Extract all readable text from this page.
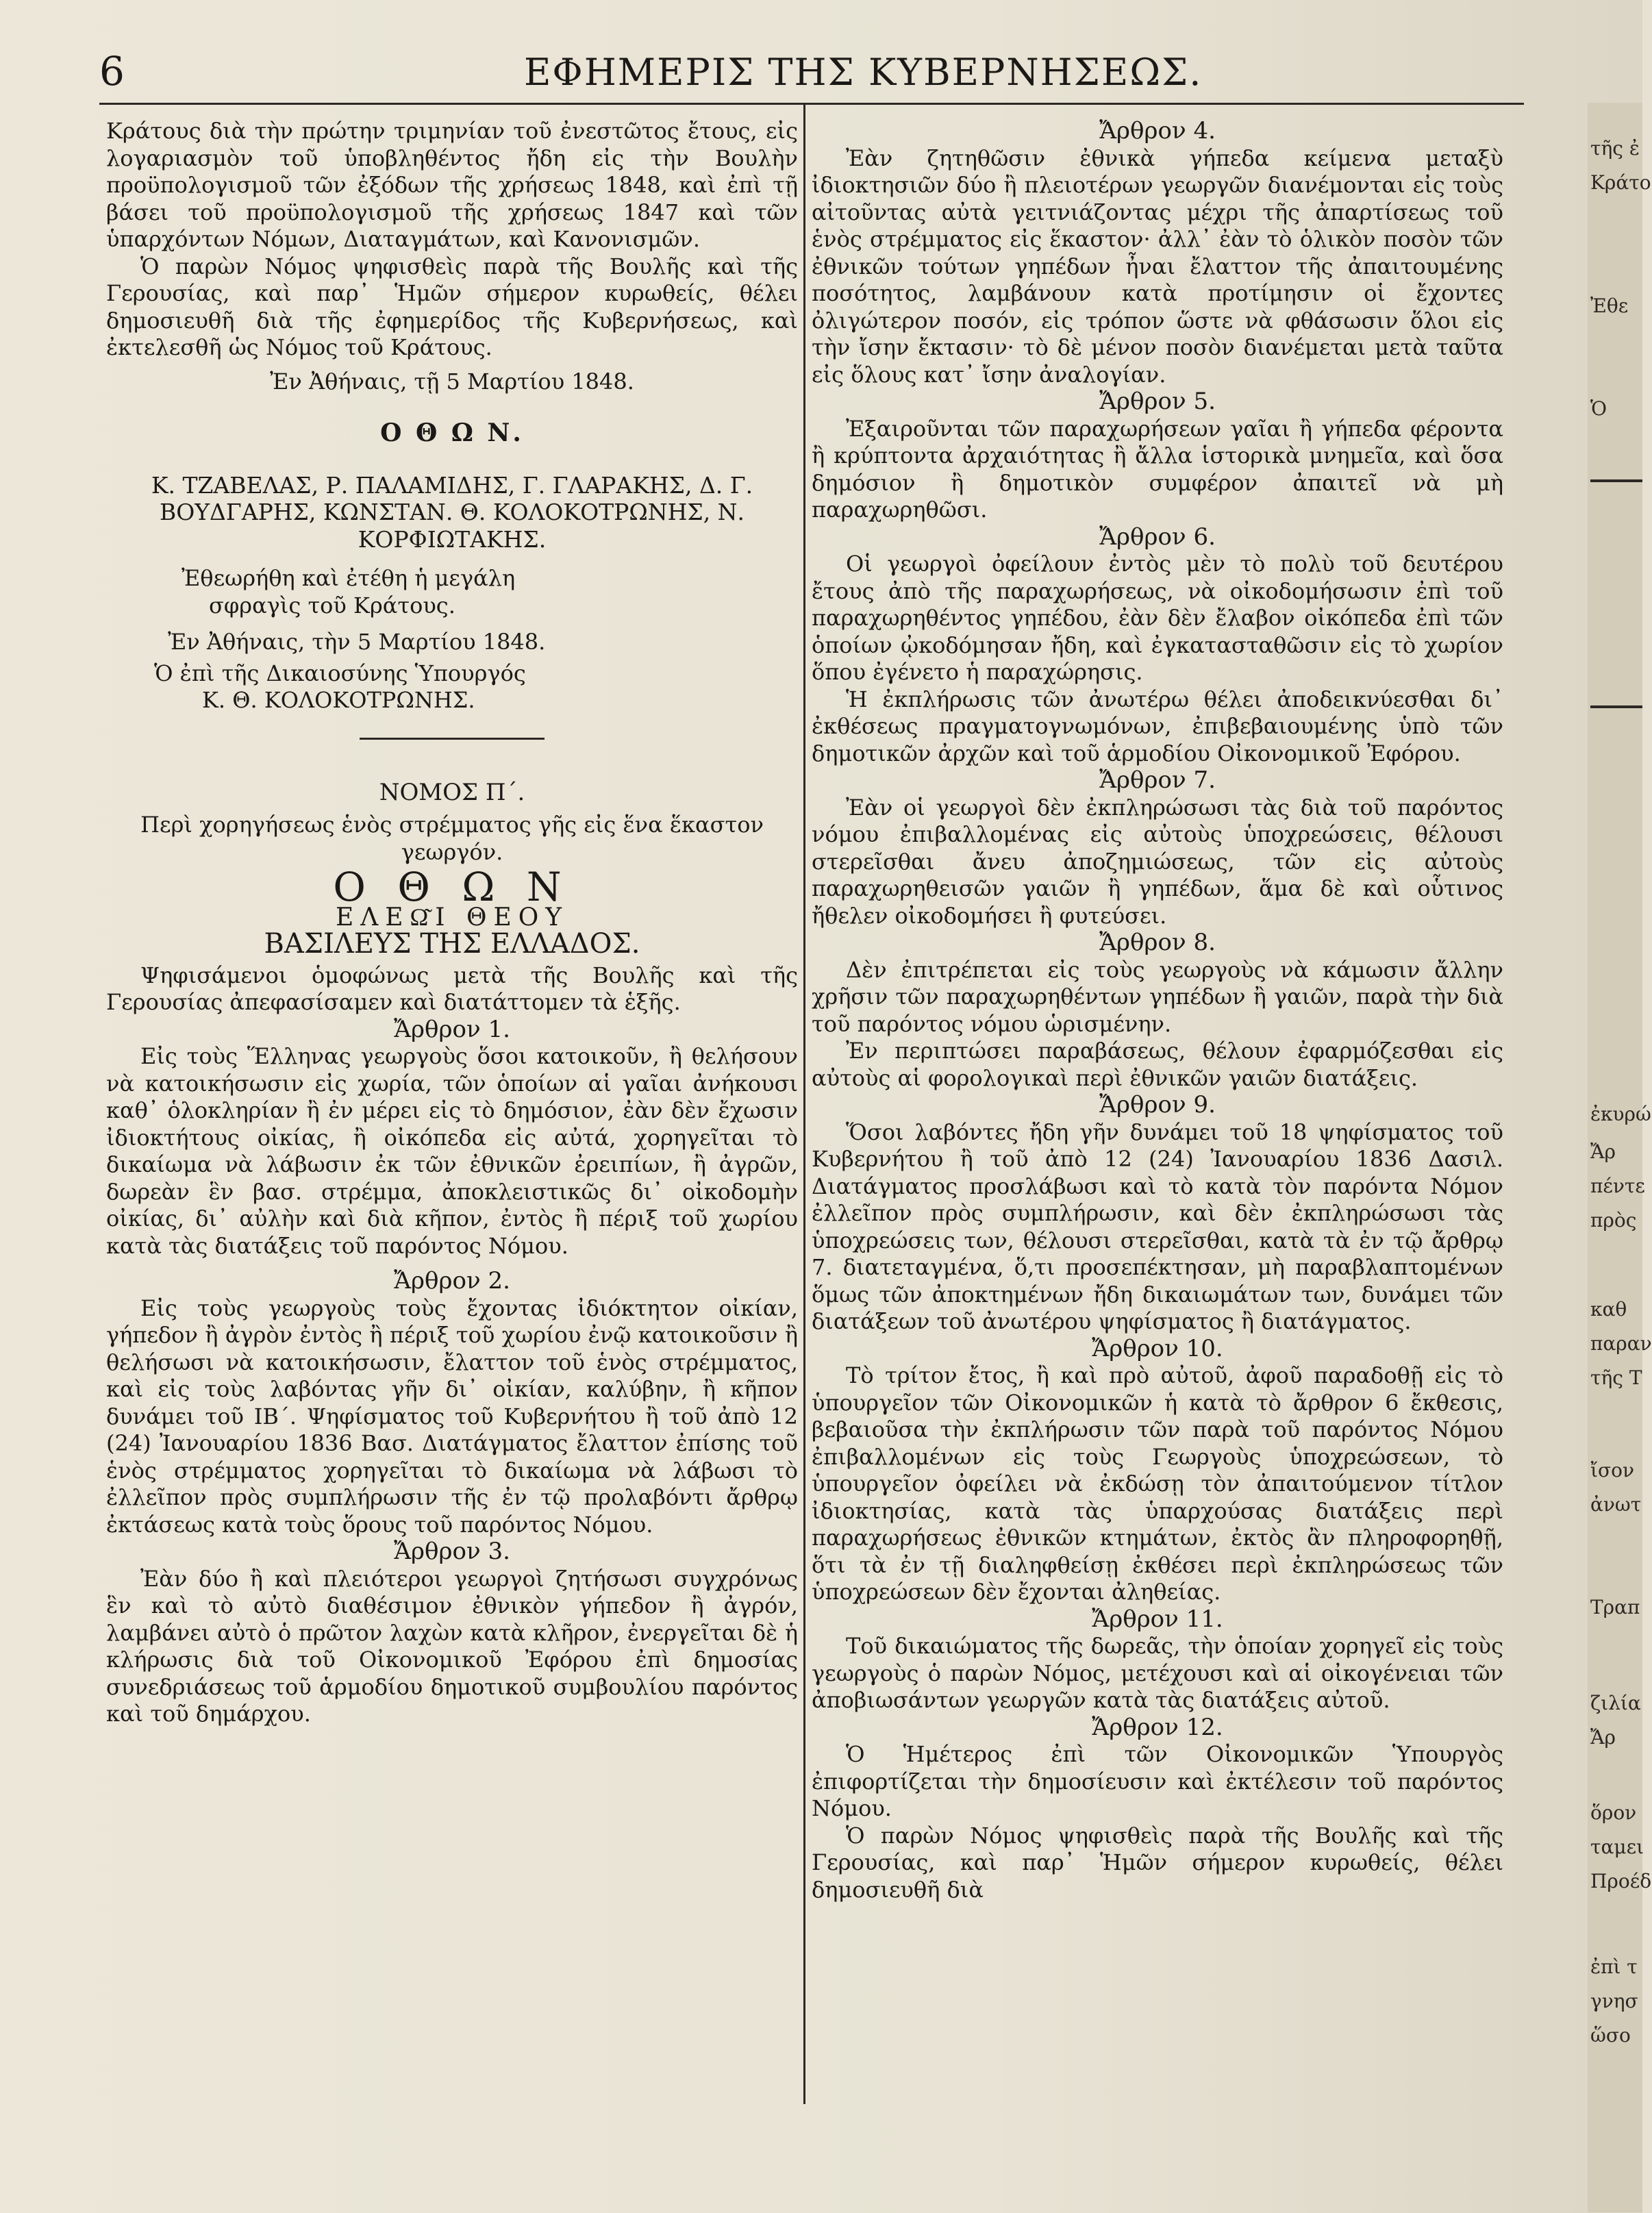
6	ΕΦΗΜΕΡΙΣ ΤΗΣ ΚΥΒΕΡΝΗΣΕΩΣ.

Κράτους διὰ τὴν πρώτην τριμηνίαν τοῦ ἐνεστῶτος ἔτους, εἰς λογαριασμὸν τοῦ ὑποβληθέντος ἤδη εἰς τὴν Βουλὴν προϋπολογισμοῦ τῶν ἐξόδων τῆς χρήσεως 1848, καὶ ἐπὶ τῇ βάσει τοῦ προϋπολογισμοῦ τῆς χρήσεως 1847 καὶ τῶν ὑπαρχόντων Νόμων, Διαταγμάτων, καὶ Κανονισμῶν.

Ὁ παρὼν Νόμος ψηφισθεὶς παρὰ τῆς Βουλῆς καὶ τῆς Γερουσίας, καὶ παρ᾽ Ἡμῶν σήμερον κυρωθείς, θέλει δημοσιευθῆ διὰ τῆς ἐφημερίδος τῆς Κυβερνήσεως, καὶ ἐκτελεσθῆ ὡς Νόμος τοῦ Κράτους.

Ἐν Ἀθήναις, τῇ 5 Μαρτίου 1848.

Ο Θ Ω Ν.

Κ. ΤΖΑΒΕΛΑΣ, Ρ. ΠΑΛΑΜΙΔΗΣ, Γ. ΓΛΑΡΑΚΗΣ, Δ. Γ. ΒΟΥΔΓΑΡΗΣ, ΚΩΝΣΤΑΝ. Θ. ΚΟΛΟΚΟΤΡΩΝΗΣ, Ν. ΚΟΡΦΙΩΤΑΚΗΣ.

Ἐθεωρήθη καὶ ἐτέθη ἡ μεγάλη

σφραγὶς τοῦ Κράτους.

Ἐν Ἀθήναις, τὴν 5 Μαρτίου 1848.

Ὁ ἐπὶ τῆς Δικαιοσύνης Ὑπουργός

Κ. Θ. ΚΟΛΟΚΟΤΡΩΝΗΣ.

ΝΟΜΟΣ Π΄.

Περὶ χορηγήσεως ἑνὸς στρέμματος γῆς εἰς ἕνα ἕκαστον γεωργόν.

Ο Θ Ω Ν

ΕΛΕΩ͂Ι ΘΕΟΥ

ΒΑΣΙΛΕΥΣ ΤΗΣ ΕΛΛΑΔΟΣ.

Ψηφισάμενοι ὁμοφώνως μετὰ τῆς Βουλῆς καὶ τῆς Γερουσίας ἀπεφασίσαμεν καὶ διατάττομεν τὰ ἑξῆς.

Ἄρθρον 1.

Εἰς τοὺς Ἕλληνας γεωργοὺς ὅσοι κατοικοῦν, ἢ θελήσουν νὰ κατοικήσωσιν εἰς χωρία, τῶν ὁποίων αἱ γαῖαι ἀνήκουσι καθ᾽ ὁλοκληρίαν ἢ ἐν μέρει εἰς τὸ δημόσιον, ἐὰν δὲν ἔχωσιν ἰδιοκτήτους οἰκίας, ἢ οἰκόπεδα εἰς αὐτά, χορηγεῖται τὸ δικαίωμα νὰ λάβωσιν ἐκ τῶν ἐθνικῶν ἐρειπίων, ἢ ἀγρῶν, δωρεὰν ἓν βασ. στρέμμα, ἀποκλειστικῶς δι᾽ οἰκοδομὴν οἰκίας, δι᾽ αὐλὴν καὶ διὰ κῆπον, ἐντὸς ἢ πέριξ τοῦ χωρίου κατὰ τὰς διατάξεις τοῦ παρόντος Νόμου.

Ἄρθρον 2.

Εἰς τοὺς γεωργοὺς τοὺς ἔχοντας ἰδιόκτητον οἰκίαν, γήπεδον ἢ ἀγρὸν ἐντὸς ἢ πέριξ τοῦ χωρίου ἐνῷ κατοικοῦσιν ἢ θελήσωσι νὰ κατοικήσωσιν, ἔλαττον τοῦ ἑνὸς στρέμματος, καὶ εἰς τοὺς λαβόντας γῆν δι᾽ οἰκίαν, καλύβην, ἢ κῆπον δυνάμει τοῦ ΙΒ΄. Ψηφίσματος τοῦ Κυβερνήτου ἢ τοῦ ἀπὸ 12 (24) Ἰανουαρίου 1836 Βασ. Διατάγματος ἔλαττον ἐπίσης τοῦ ἑνὸς στρέμματος χορηγεῖται τὸ δικαίωμα νὰ λάβωσι τὸ ἐλλεῖπον πρὸς συμπλήρωσιν τῆς ἐν τῷ προλαβόντι ἄρθρῳ ἐκτάσεως κατὰ τοὺς ὅρους τοῦ παρόντος Νόμου.

Ἄρθρον 3.

Ἐὰν δύο ἢ καὶ πλειότεροι γεωργοὶ ζητήσωσι συγχρόνως ἓν καὶ τὸ αὐτὸ διαθέσιμον ἐθνικὸν γήπεδον ἢ ἀγρόν, λαμβάνει αὐτὸ ὁ πρῶτον λαχὼν κατὰ κλῆρον, ἐνεργεῖται δὲ ἡ κλήρωσις διὰ τοῦ Οἰκονομικοῦ Ἐφόρου ἐπὶ δημοσίας συνεδριάσεως τοῦ ἁρμοδίου δημοτικοῦ συμβουλίου παρόντος καὶ τοῦ δημάρχου.

Ἄρθρον 4.

Ἐὰν ζητηθῶσιν ἐθνικὰ γήπεδα κείμενα μεταξὺ ἰδιοκτησιῶν δύο ἢ πλειοτέρων γεωργῶν διανέμονται εἰς τοὺς αἰτοῦντας αὐτὰ γειτνιάζοντας μέχρι τῆς ἀπαρτίσεως τοῦ ἑνὸς στρέμματος εἰς ἕκαστον· ἀλλ᾽ ἐὰν τὸ ὁλικὸν ποσὸν τῶν ἐθνικῶν τούτων γηπέδων ἦναι ἔλαττον τῆς ἀπαιτουμένης ποσότητος, λαμβάνουν κατὰ προτίμησιν οἱ ἔχοντες ὀλιγώτερον ποσόν, εἰς τρόπον ὥστε νὰ φθάσωσιν ὅλοι εἰς τὴν ἴσην ἔκτασιν· τὸ δὲ μένον ποσὸν διανέμεται μετὰ ταῦτα εἰς ὅλους κατ᾽ ἴσην ἀναλογίαν.

Ἄρθρον 5.

Ἐξαιροῦνται τῶν παραχωρήσεων γαῖαι ἢ γήπεδα φέροντα ἢ κρύπτοντα ἀρχαιότητας ἢ ἄλλα ἱστορικὰ μνημεῖα, καὶ ὅσα δημόσιον ἢ δημοτικὸν συμφέρον ἀπαιτεῖ νὰ μὴ παραχωρηθῶσι.

Ἄρθρον 6.

Οἱ γεωργοὶ ὀφείλουν ἐντὸς μὲν τὸ πολὺ τοῦ δευτέρου ἔτους ἀπὸ τῆς παραχωρήσεως, νὰ οἰκοδομήσωσιν ἐπὶ τοῦ παραχωρηθέντος γηπέδου, ἐὰν δὲν ἔλαβον οἰκόπεδα ἐπὶ τῶν ὁποίων ᾠκοδόμησαν ἤδη, καὶ ἐγκατασταθῶσιν εἰς τὸ χωρίον ὅπου ἐγένετο ἡ παραχώρησις.

Ἡ ἐκπλήρωσις τῶν ἀνωτέρω θέλει ἀποδεικνύεσθαι δι᾽ ἐκθέσεως πραγματογνωμόνων, ἐπιβεβαιουμένης ὑπὸ τῶν δημοτικῶν ἀρχῶν καὶ τοῦ ἁρμοδίου Οἰκονομικοῦ Ἐφόρου.

Ἄρθρον 7.

Ἐὰν οἱ γεωργοὶ δὲν ἐκπληρώσωσι τὰς διὰ τοῦ παρόντος νόμου ἐπιβαλλομένας εἰς αὐτοὺς ὑποχρεώσεις, θέλουσι στερεῖσθαι ἄνευ ἀποζημιώσεως, τῶν εἰς αὐτοὺς παραχωρηθεισῶν γαιῶν ἢ γηπέδων, ἅμα δὲ καὶ οὗτινος ἤθελεν οἰκοδομήσει ἢ φυτεύσει.

Ἄρθρον 8.

Δὲν ἐπιτρέπεται εἰς τοὺς γεωργοὺς νὰ κάμωσιν ἄλλην χρῆσιν τῶν παραχωρηθέντων γηπέδων ἢ γαιῶν, παρὰ τὴν διὰ τοῦ παρόντος νόμου ὡρισμένην.

Ἐν περιπτώσει παραβάσεως, θέλουν ἐφαρμόζεσθαι εἰς αὐτοὺς αἱ φορολογικαὶ περὶ ἐθνικῶν γαιῶν διατάξεις.

Ἄρθρον 9.

Ὅσοι λαβόντες ἤδη γῆν δυνάμει τοῦ 18 ψηφίσματος τοῦ Κυβερνήτου ἢ τοῦ ἀπὸ 12 (24) Ἰανουαρίου 1836 Δασιλ. Διατάγματος προσλάβωσι καὶ τὸ κατὰ τὸν παρόντα Νόμον ἐλλεῖπον πρὸς συμπλήρωσιν, καὶ δὲν ἐκπληρώσωσι τὰς ὑποχρεώσεις των, θέλουσι στερεῖσθαι, κατὰ τὰ ἐν τῷ ἄρθρῳ 7. διατεταγμένα, ὅ,τι προσεπέκτησαν, μὴ παραβλαπτομένων ὅμως τῶν ἀποκτημένων ἤδη δικαιωμάτων των, δυνάμει τῶν διατάξεων τοῦ ἀνωτέρου ψηφίσματος ἢ διατάγματος.

Ἄρθρον 10.

Τὸ τρίτον ἔτος, ἢ καὶ πρὸ αὐτοῦ, ἀφοῦ παραδοθῇ εἰς τὸ ὑπουργεῖον τῶν Οἰκονομικῶν ἡ κατὰ τὸ ἄρθρον 6 ἔκθεσις, βεβαιοῦσα τὴν ἐκπλήρωσιν τῶν παρὰ τοῦ παρόντος Νόμου ἐπιβαλλομένων εἰς τοὺς Γεωργοὺς ὑποχρεώσεων, τὸ ὑπουργεῖον ὀφείλει νὰ ἐκδώσῃ τὸν ἀπαιτούμενον τίτλον ἰδιοκτησίας, κατὰ τὰς ὑπαρχούσας διατάξεις περὶ παραχωρήσεως ἐθνικῶν κτημάτων, ἐκτὸς ἂν πληροφορηθῇ, ὅτι τὰ ἐν τῇ διαληφθείσῃ ἐκθέσει περὶ ἐκπληρώσεως τῶν ὑποχρεώσεων δὲν ἔχονται ἀληθείας.

Ἄρθρον 11.

Τοῦ δικαιώματος τῆς δωρεᾶς, τὴν ὁποίαν χορηγεῖ εἰς τοὺς γεωργοὺς ὁ παρὼν Νόμος, μετέχουσι καὶ αἱ οἰκογένειαι τῶν ἀποβιωσάντων γεωργῶν κατὰ τὰς διατάξεις αὐτοῦ.

Ἄρθρον 12.

Ὁ Ἡμέτερος ἐπὶ τῶν Οἰκονομικῶν Ὑπουργὸς ἐπιφορτίζεται τὴν δημοσίευσιν καὶ ἐκτέλεσιν τοῦ παρόντος Νόμου.

Ὁ παρὼν Νόμος ψηφισθεὶς παρὰ τῆς Βουλῆς καὶ τῆς Γερουσίας, καὶ παρ᾽ Ἡμῶν σήμερον κυρωθείς, θέλει δημοσιευθῆ διὰ

τῆς ἐ
Κράτο
Ἐθε
Ὁ
ἐκυρώ
Ἄρ
πέντε
πρὸς
καθ
παραν
τῆς Τ
ἴσον
ἀνωτ
Τραπ
ζιλία
Ἄρ
ὅρον
ταμει
Προέδ
ἐπὶ τ
γνησ
ὥσο
